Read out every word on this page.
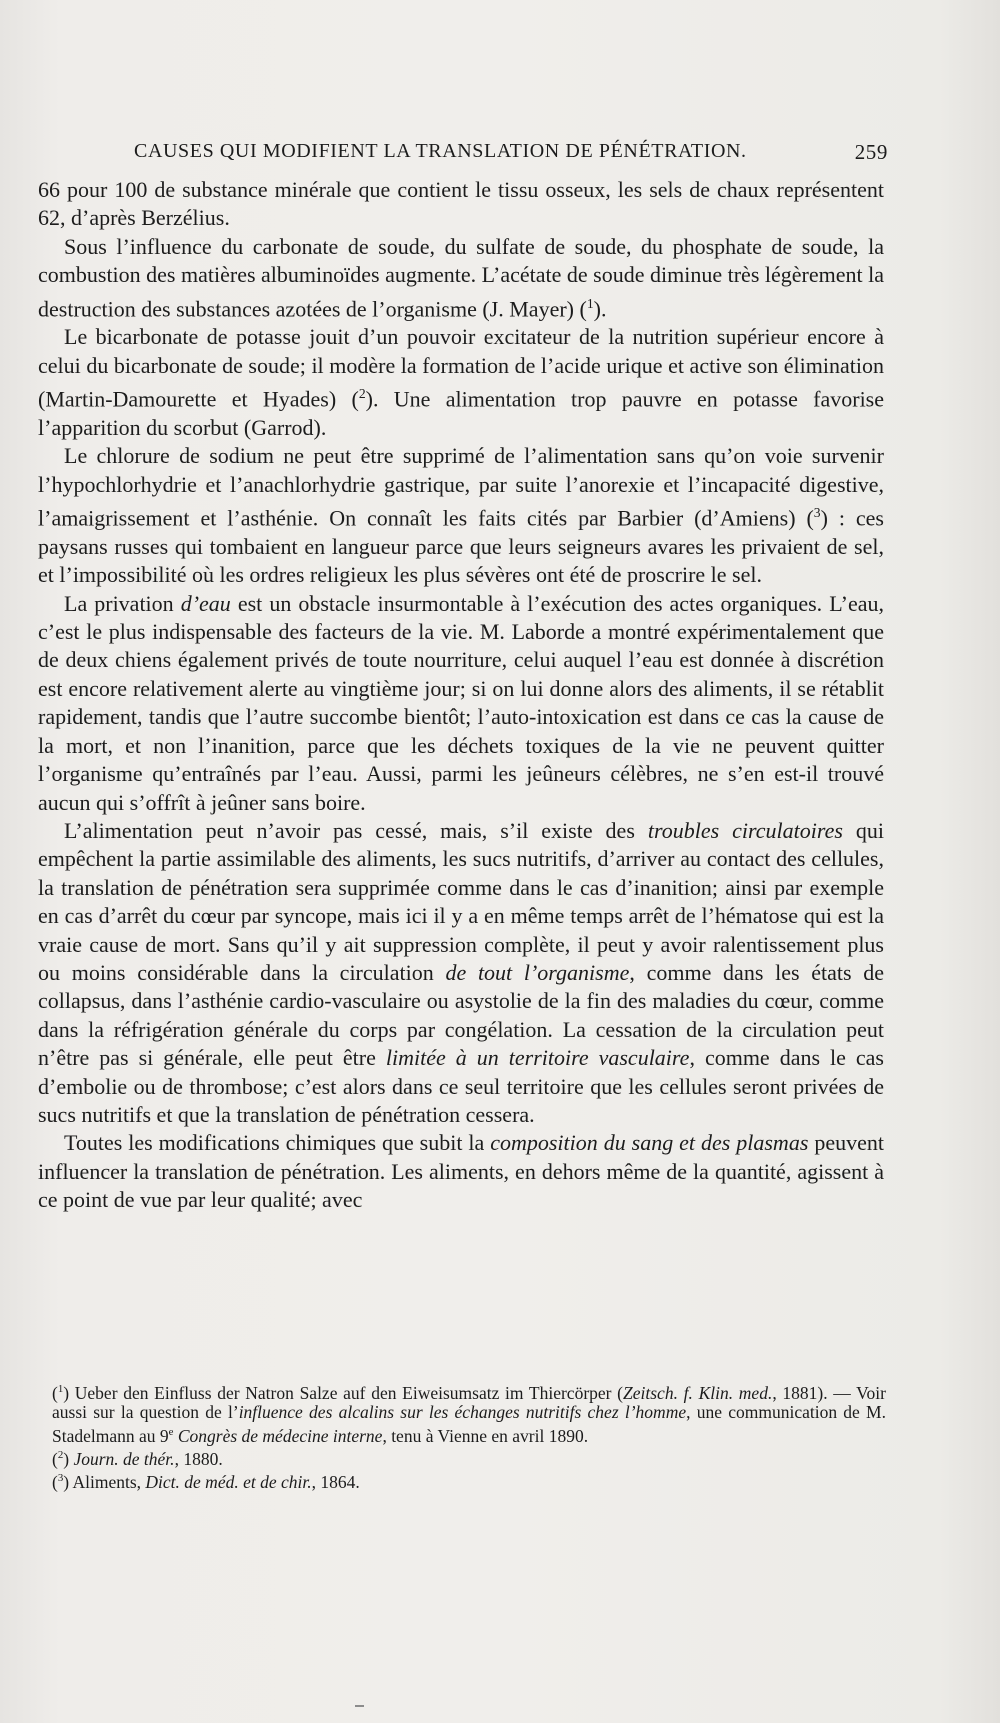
CAUSES QUI MODIFIENT LA TRANSLATION DE PÉNÉTRATION.	259

66 pour 100 de substance minérale que contient le tissu osseux, les sels de chaux représentent 62, d’après Berzélius.

Sous l’influence du carbonate de soude, du sulfate de soude, du phosphate de soude, la combustion des matières albuminoïdes augmente. L’acétate de soude diminue très légèrement la destruction des substances azotées de l’organisme (J. Mayer) ($^1$).

Le bicarbonate de potasse jouit d’un pouvoir excitateur de la nutrition supérieur encore à celui du bicarbonate de soude; il modère la formation de l’acide urique et active son élimination (Martin-Damourette et Hyades) ($^2$). Une alimentation trop pauvre en potasse favorise l’apparition du scorbut (Garrod).

Le chlorure de sodium ne peut être supprimé de l’alimentation sans qu’on voie survenir l’hypochlorhydrie et l’anachlorhydrie gastrique, par suite l’anorexie et l’incapacité digestive, l’amaigrissement et l’asthénie. On connaît les faits cités par Barbier (d’Amiens) ($^3$) : ces paysans russes qui tombaient en langueur parce que leurs seigneurs avares les privaient de sel, et l’impossibilité où les ordres religieux les plus sévères ont été de proscrire le sel.

La privation d’eau est un obstacle insurmontable à l’exécution des actes organiques. L’eau, c’est le plus indispensable des facteurs de la vie. M. Laborde a montré expérimentalement que de deux chiens également privés de toute nourriture, celui auquel l’eau est donnée à discrétion est encore relativement alerte au vingtième jour; si on lui donne alors des aliments, il se rétablit rapidement, tandis que l’autre succombe bientôt; l’auto-intoxication est dans ce cas la cause de la mort, et non l’inanition, parce que les déchets toxiques de la vie ne peuvent quitter l’organisme qu’entraînés par l’eau. Aussi, parmi les jeûneurs célèbres, ne s’en est-il trouvé aucun qui s’offrît à jeûner sans boire.

L’alimentation peut n’avoir pas cessé, mais, s’il existe des troubles circulatoires qui empêchent la partie assimilable des aliments, les sucs nutritifs, d’arriver au contact des cellules, la translation de pénétration sera supprimée comme dans le cas d’inanition; ainsi par exemple en cas d’arrêt du cœur par syncope, mais ici il y a en même temps arrêt de l’hématose qui est la vraie cause de mort. Sans qu’il y ait suppression complète, il peut y avoir ralentissement plus ou moins considérable dans la circulation de tout l’organisme, comme dans les états de collapsus, dans l’asthénie cardio-vasculaire ou asystolie de la fin des maladies du cœur, comme dans la réfrigération générale du corps par congélation. La cessation de la circulation peut n’être pas si générale, elle peut être limitée à un territoire vasculaire, comme dans le cas d’embolie ou de thrombose; c’est alors dans ce seul territoire que les cellules seront privées de sucs nutritifs et que la translation de pénétration cessera.

Toutes les modifications chimiques que subit la composition du sang et des plasmas peuvent influencer la translation de pénétration. Les aliments, en dehors même de la quantité, agissent à ce point de vue par leur qualité; avec

($^1$) Ueber den Einfluss der Natron Salze auf den Eiweisumsatz im Thiercörper (Zeitsch. f. Klin. med., 1881). — Voir aussi sur la question de l’influence des alcalins sur les échanges nutritifs chez l’homme, une communication de M. Stadelmann au 9e Congrès de médecine interne, tenu à Vienne en avril 1890.

($^2$) Journ. de thér., 1880.

($^3$) Aliments, Dict. de méd. et de chir., 1864.
